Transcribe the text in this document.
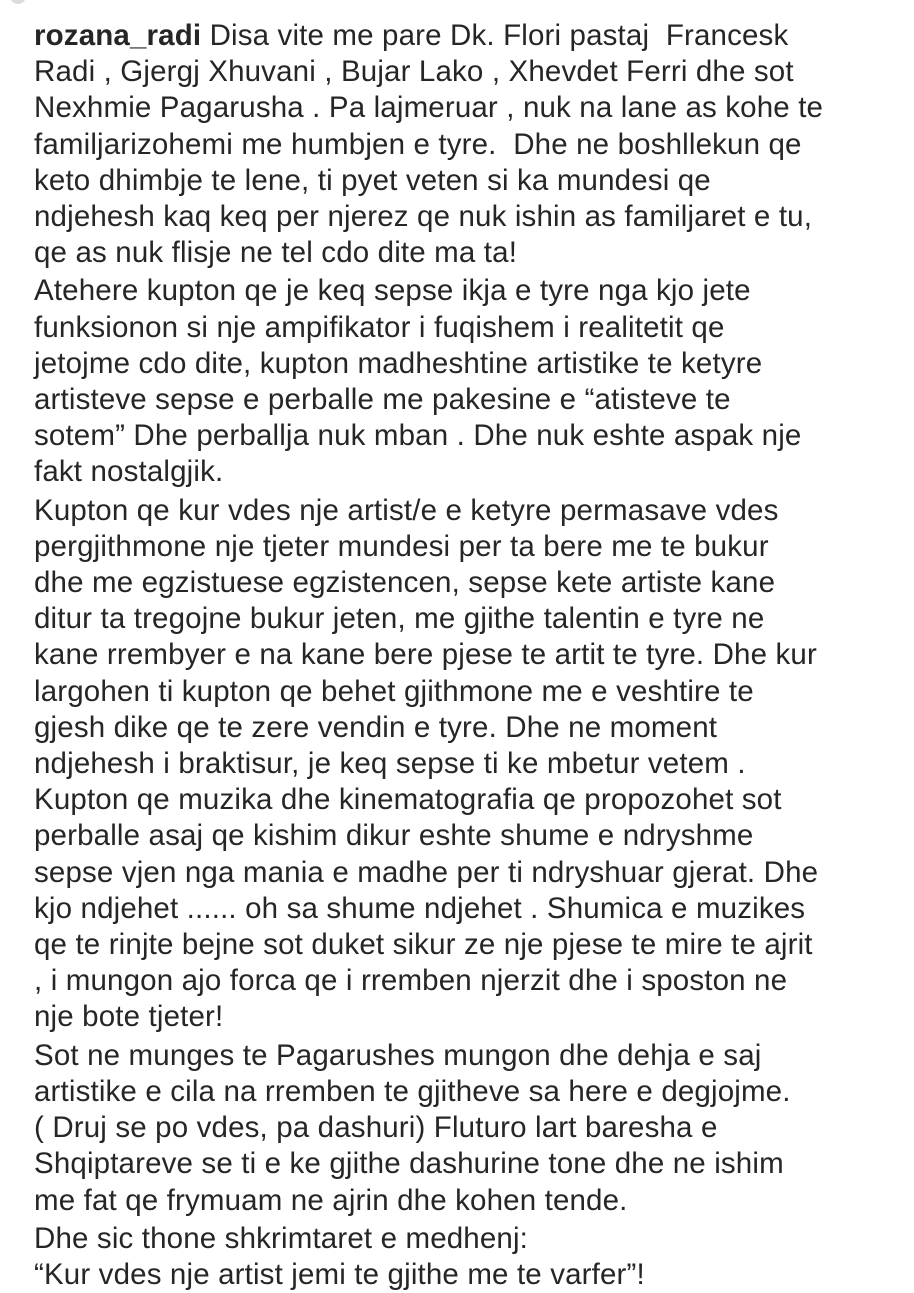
rozana_radi Disa vite me pare Dk. Flori pastaj  Francesk
Radi , Gjergj Xhuvani , Bujar Lako , Xhevdet Ferri dhe sot
Nexhmie Pagarusha . Pa lajmeruar , nuk na lane as kohe te
familjarizohemi me humbjen e tyre.  Dhe ne boshllekun qe
keto dhimbje te lene, ti pyet veten si ka mundesi qe
ndjehesh kaq keq per njerez qe nuk ishin as familjaret e tu,
qe as nuk flisje ne tel cdo dite ma ta!
Atehere kupton qe je keq sepse ikja e tyre nga kjo jete
funksionon si nje ampifikator i fuqishem i realitetit qe
jetojme cdo dite, kupton madheshtine artistike te ketyre
artisteve sepse e perballe me pakesine e “atisteve te
sotem” Dhe perballja nuk mban . Dhe nuk eshte aspak nje
fakt nostalgjik.
Kupton qe kur vdes nje artist/e e ketyre permasave vdes
pergjithmone nje tjeter mundesi per ta bere me te bukur
dhe me egzistuese egzistencen, sepse kete artiste kane
ditur ta tregojne bukur jeten, me gjithe talentin e tyre ne
kane rrembyer e na kane bere pjese te artit te tyre. Dhe kur
largohen ti kupton qe behet gjithmone me e veshtire te
gjesh dike qe te zere vendin e tyre. Dhe ne moment
ndjehesh i braktisur, je keq sepse ti ke mbetur vetem .
Kupton qe muzika dhe kinematografia qe propozohet sot
perballe asaj qe kishim dikur eshte shume e ndryshme
sepse vjen nga mania e madhe per ti ndryshuar gjerat. Dhe
kjo ndjehet ...... oh sa shume ndjehet . Shumica e muzikes
qe te rinjte bejne sot duket sikur ze nje pjese te mire te ajrit
, i mungon ajo forca qe i rremben njerzit dhe i sposton ne
nje bote tjeter!
Sot ne munges te Pagarushes mungon dhe dehja e saj
artistike e cila na rremben te gjitheve sa here e degjojme.
( Druj se po vdes, pa dashuri) Fluturo lart baresha e
Shqiptareve se ti e ke gjithe dashurine tone dhe ne ishim
me fat qe frymuam ne ajrin dhe kohen tende.
Dhe sic thone shkrimtaret e medhenj:
“Kur vdes nje artist jemi te gjithe me te varfer”!
